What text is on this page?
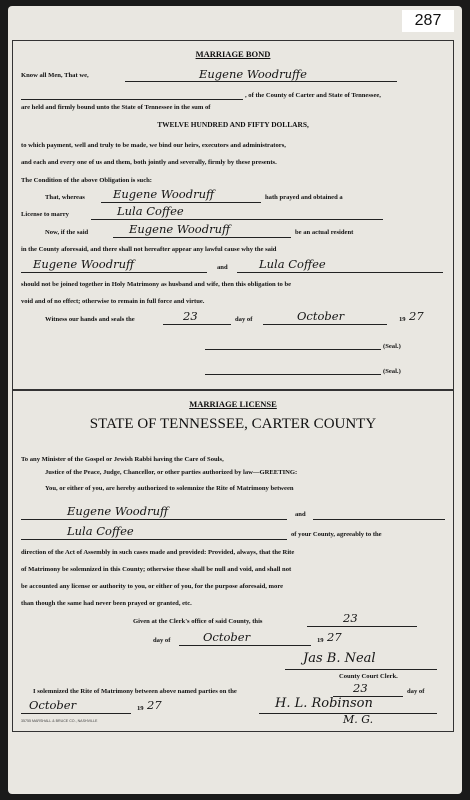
287
MARRIAGE BOND
Know all Men, That we,	Eugene Woodruffe
, of the County of Carter and State of Tennessee,
are held and firmly bound unto the State of Tennessee in the sum of
TWELVE HUNDRED AND FIFTY DOLLARS,
to which payment, well and truly to be made, we bind our heirs, executors and administrators,
and each and every one of us and them, both jointly and severally, firmly by these presents.
The Condition of the above Obligation is such:
That, whereas Eugene Woodruff	hath prayed and obtained a
License to marry	Lula Coffee
Now, if the said	Eugene Woodruff	be an actual resident
in the County aforesaid, and there shall not hereafter appear any lawful cause why the said
Eugene Woodruff	and	Lula Coffee
should not be joined together in Holy Matrimony as husband and wife, then this obligation to be
void and of no effect; otherwise to remain in full force and virtue.
Witness our hands and seals the	23	day of	October	19 27
(Seal.)
(Seal.)
MARRIAGE LICENSE
STATE OF TENNESSEE, CARTER COUNTY
To any Minister of the Gospel or Jewish Rabbi having the Care of Souls,
Justice of the Peace, Judge, Chancellor, or other parties authorized by law—GREETING:
You, or either of you, are hereby authorized to solemnize the Rite of Matrimony between
Eugene Woodruff	and
Lula Coffee	of your County, agreeably to the
direction of the Act of Assembly in such cases made and provided: Provided, always, that the Rite
of Matrimony be solemnized in this County; otherwise these shall be null and void, and shall not
be accounted any license or authority to you, or either of you, for the purpose aforesaid, more
than though the same had never been prayed or granted, etc.
Given at the Clerk's office of said County, this	23
day of	October	19 27
Jas B. Neal
County Court Clerk.
I solemnized the Rite of Matrimony between above named parties on the	23	day of
October	19 27	H. L. Robinson
M. G.
35755 MARSHALL & BRUCE CO., NASHVILLE
